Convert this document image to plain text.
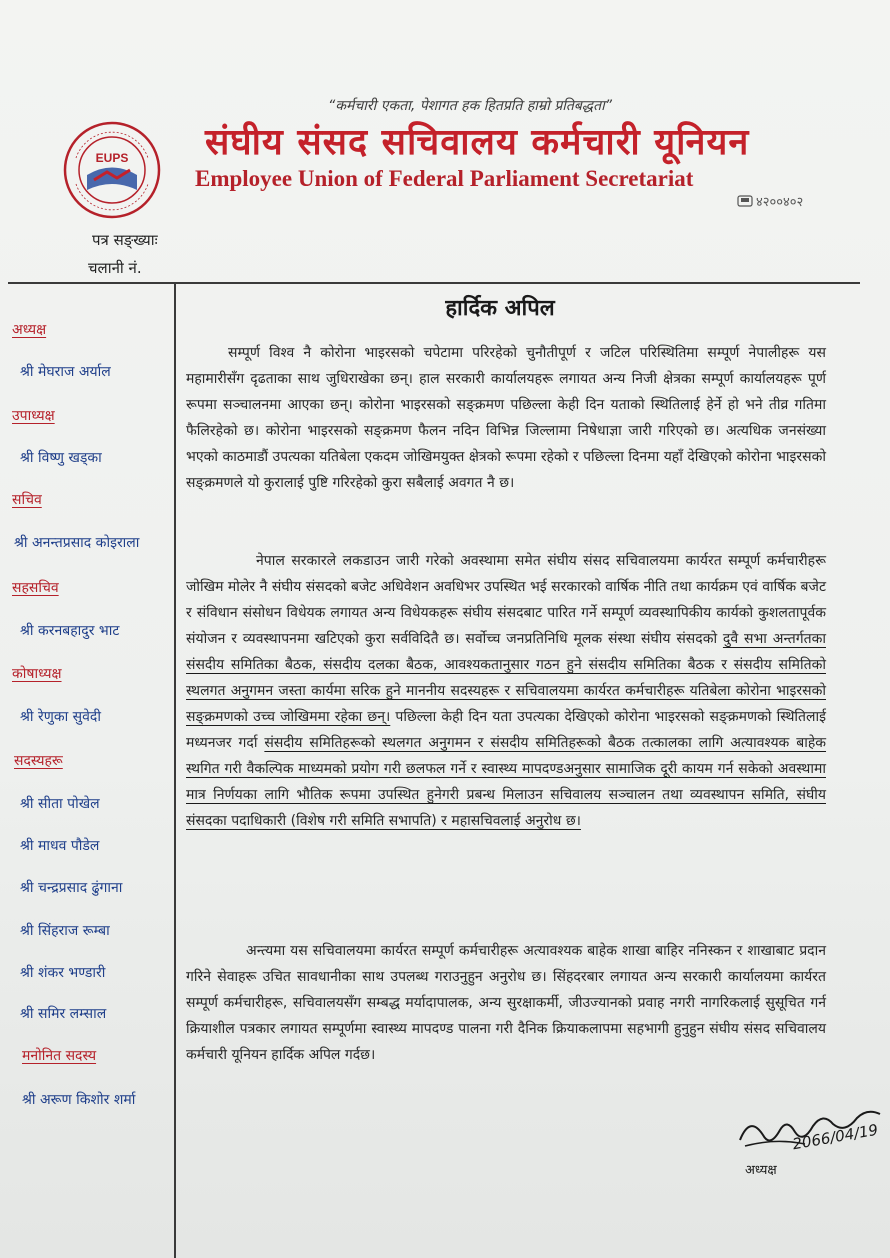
“कर्मचारी एकता, पेशागत हक हितप्रति हाम्रो प्रतिबद्धता”
EUPS संघीय संसद सचिवालय कर्मचारी यूनियन
Employee Union of Federal Parliament Secretariat
४२००४०२
पत्र सङ्ख्याः
चलानी नं.
अध्यक्ष
श्री मेघराज अर्याल
उपाध्यक्ष
श्री विष्णु खड्का
सचिव
श्री अनन्तप्रसाद कोइराला
सहसचिव
श्री करनबहादुर भाट
कोषाध्यक्ष
श्री रेणुका सुवेदी
सदस्यहरू
श्री सीता पोखेल
श्री माधव पौडेल
श्री चन्द्रप्रसाद ढुंगाना
श्री सिंहराज रूम्बा
श्री शंकर भण्डारी
श्री समिर लम्साल
मनोनित सदस्य
श्री अरूण किशोर शर्मा
हार्दिक अपिल
सम्पूर्ण विश्व नै कोरोना भाइरसको चपेटामा परिरहेको चुनौतीपूर्ण र जटिल परिस्थितिमा सम्पूर्ण नेपालीहरू यस महामारीसँग दृढताका साथ जुधिराखेका छन्। हाल सरकारी कार्यालयहरू लगायत अन्य निजी क्षेत्रका सम्पूर्ण कार्यालयहरू पूर्ण रूपमा सञ्चालनमा आएका छन्। कोरोना भाइरसको सङ्क्रमण पछिल्ला केही दिन यताको स्थितिलाई हेर्ने हो भने तीव्र गतिमा फैलिरहेको छ। कोरोना भाइरसको सङ्क्रमण फैलन नदिन विभिन्न जिल्लामा निषेधाज्ञा जारी गरिएको छ। अत्यधिक जनसंख्या भएको काठमाडौं उपत्यका यतिबेला एकदम जोखिमयुक्त क्षेत्रको रूपमा रहेको र पछिल्ला दिनमा यहाँ देखिएको कोरोना भाइरसको सङ्क्रमणले यो कुरालाई पुष्टि गरिरहेको कुरा सबैलाई अवगत नै छ।
नेपाल सरकारले लकडाउन जारी गरेको अवस्थामा समेत संघीय संसद सचिवालयमा कार्यरत सम्पूर्ण कर्मचारीहरू जोखिम मोलेर नै संघीय संसदको बजेट अधिवेशन अवधिभर उपस्थित भई सरकारको वार्षिक नीति तथा कार्यक्रम एवं वार्षिक बजेट र संविधान संसोधन विधेयक लगायत अन्य विधेयकहरू संघीय संसदबाट पारित गर्ने सम्पूर्ण व्यवस्थापिकीय कार्यको कुशलतापूर्वक संयोजन र व्यवस्थापनमा खटिएको कुरा सर्वविदितै छ। सर्वोच्च जनप्रतिनिधि मूलक संस्था संघीय संसदको दुवै सभा अन्तर्गतका संसदीय समितिका बैठक, संसदीय दलका बैठक, आवश्यकतानुसार गठन हुने संसदीय समितिका बैठक र संसदीय समितिको स्थलगत अनुगमन जस्ता कार्यमा सरिक हुने माननीय सदस्यहरू र सचिवालयमा कार्यरत कर्मचारीहरू यतिबेला कोरोना भाइरसको सङ्क्रमणको उच्च जोखिममा रहेका छन्। पछिल्ला केही दिन यता उपत्यका देखिएको कोरोना भाइरसको सङ्क्रमणको स्थितिलाई मध्यनजर गर्दा संसदीय समितिहरूको स्थलगत अनुगमन र संसदीय समितिहरूको बैठक तत्कालका लागि अत्यावश्यक बाहेक स्थगित गरी वैकल्पिक माध्यमको प्रयोग गरी छलफल गर्ने र स्वास्थ्य मापदण्डअनुसार सामाजिक दूरी कायम गर्न सकेको अवस्थामा मात्र निर्णयका लागि भौतिक रूपमा उपस्थित हुनेगरी प्रबन्ध मिलाउन सचिवालय सञ्चालन तथा व्यवस्थापन समिति, संघीय संसदका पदाधिकारी (विशेष गरी समिति सभापति) र महासचिवलाई अनुरोध छ।
अन्त्यमा यस सचिवालयमा कार्यरत सम्पूर्ण कर्मचारीहरू अत्यावश्यक बाहेक शाखा बाहिर ननिस्कन र शाखाबाट प्रदान गरिने सेवाहरू उचित सावधानीका साथ उपलब्ध गराउनुहुन अनुरोध छ। सिंहदरबार लगायत अन्य सरकारी कार्यालयमा कार्यरत सम्पूर्ण कर्मचारीहरू, सचिवालयसँग सम्बद्ध मर्यादापालक, अन्य सुरक्षाकर्मी, जीउज्यानको प्रवाह नगरी नागरिकलाई सुसूचित गर्न क्रियाशील पत्रकार लगायत सम्पूर्णमा स्वास्थ्य मापदण्ड पालना गरी दैनिक क्रियाकलापमा सहभागी हुनुहुन संघीय संसद सचिवालय कर्मचारी यूनियन हार्दिक अपिल गर्दछ।
2066/04/19
अध्यक्ष
